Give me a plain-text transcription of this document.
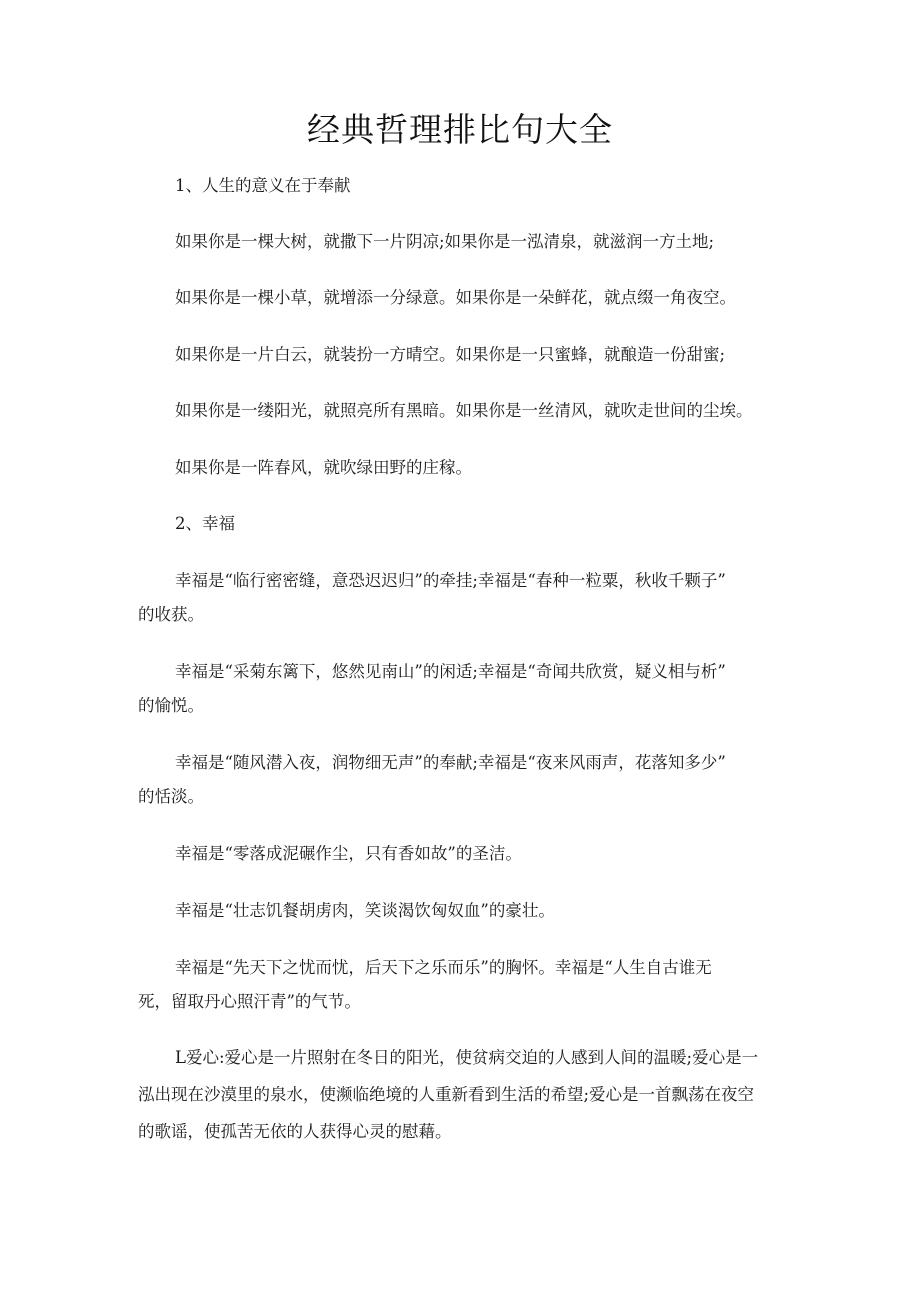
经典哲理排比句大全
1、人生的意义在于奉献
如果你是一棵大树，就撒下一片阴凉;如果你是一泓清泉，就滋润一方土地;
如果你是一棵小草，就增添一分绿意。如果你是一朵鲜花，就点缀一角夜空。
如果你是一片白云，就装扮一方晴空。如果你是一只蜜蜂，就酿造一份甜蜜;
如果你是一缕阳光，就照亮所有黑暗。如果你是一丝清风，就吹走世间的尘埃。
如果你是一阵春风，就吹绿田野的庄稼。
2、幸福
幸福是“临行密密缝，意恐迟迟归”的牵挂;幸福是“春种一粒粟，秋收千颗子”
的收获。
幸福是“采菊东篱下，悠然见南山”的闲适;幸福是“奇闻共欣赏，疑义相与析”
的愉悦。
幸福是“随风潜入夜，润物细无声”的奉献;幸福是“夜来风雨声，花落知多少”
的恬淡。
幸福是“零落成泥碾作尘，只有香如故”的圣洁。
幸福是“壮志饥餐胡虏肉，笑谈渴饮匈奴血”的豪壮。
幸福是“先天下之忧而忧，后天下之乐而乐”的胸怀。幸福是“人生自古谁无
死，留取丹心照汗青”的气节。
L爱心:爱心是一片照射在冬日的阳光，使贫病交迫的人感到人间的温暖;爱心是一
泓出现在沙漠里的泉水，使濒临绝境的人重新看到生活的希望;爱心是一首飘荡在夜空
的歌谣，使孤苦无依的人获得心灵的慰藉。
